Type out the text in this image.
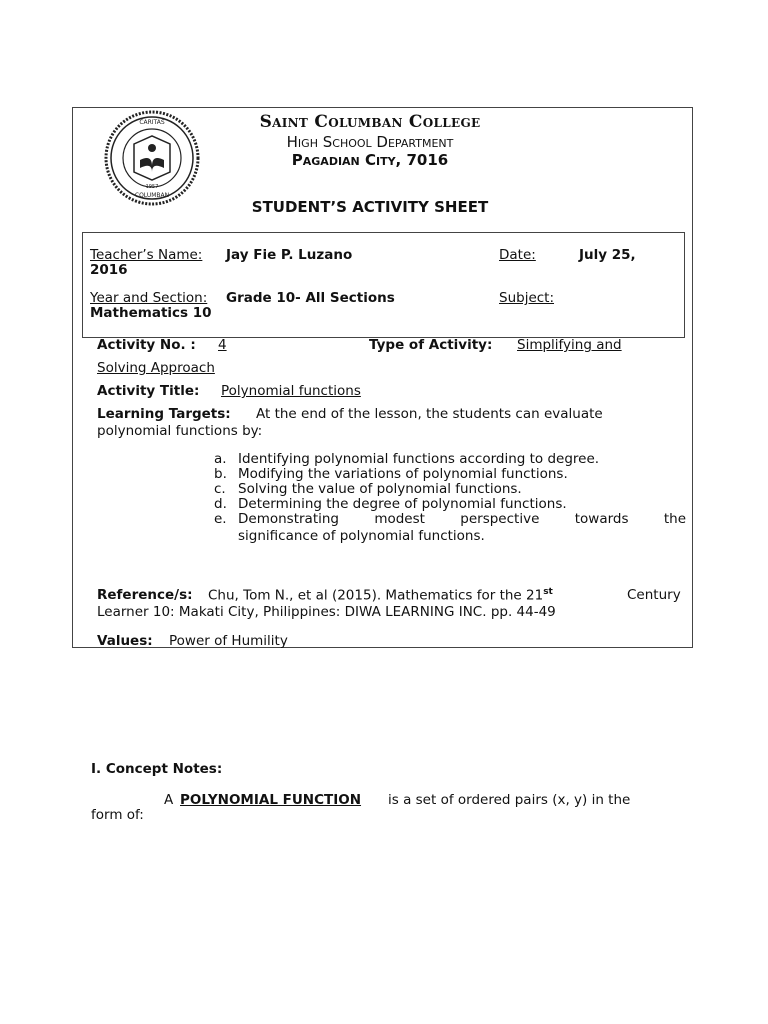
CARITAS
COLUMBAN
1957
Saint Columban College
High School Department
Pagadian City, 7016
STUDENT’S ACTIVITY SHEET
Teacher’s Name: Jay Fie P. Luzano	Date:	July 25,
2016
Year and Section: Grade 10- All Sections	Subject:
Mathematics 10
Activity No. : 4	Type of Activity: Simplifying and
Solving Approach
Activity Title: Polynomial functions
Learning Targets: At the end of the lesson, the students can evaluate
polynomial functions by:
a. Identifying polynomial functions according to degree.
b. Modifying the variations of polynomial functions.
c. Solving the value of polynomial functions.
d. Determining the degree of polynomial functions.
e. Demonstrating modest perspective towards the
significance of polynomial functions.
Reference/s: Chu, Tom N., et al (2015). Mathematics for the 21st	Century
Learner 10: Makati City, Philippines: DIWA LEARNING INC. pp. 44-49
Values: Power of Humility
I. Concept Notes:
A POLYNOMIAL FUNCTION is a set of ordered pairs (x, y) in the
form of:
